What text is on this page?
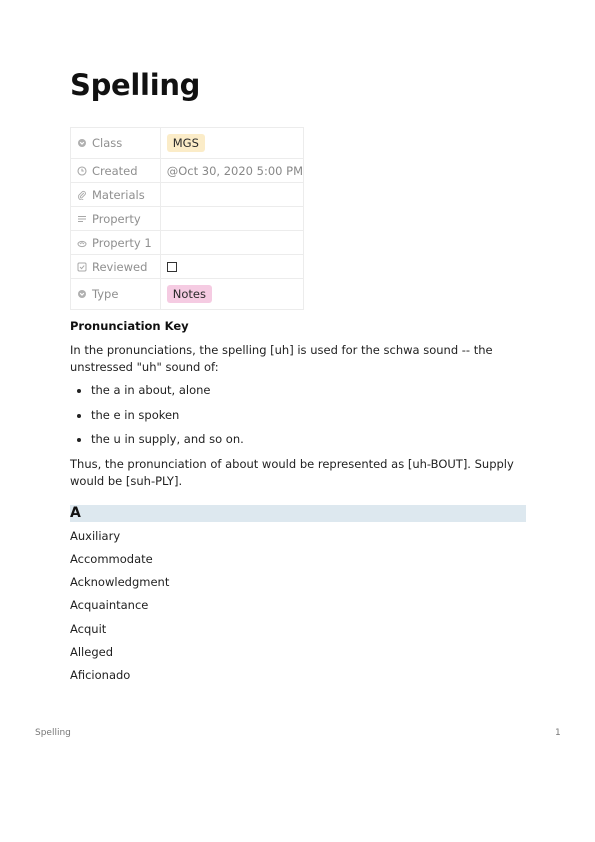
Spelling
Class	MGS

Created	@Oct 30, 2020 5:00 PM

Materials	

Property	

Property 1	

Reviewed	

Type	Notes
Pronunciation Key

In the pronunciations, the spelling [uh] is used for the schwa sound -- the unstressed "uh" sound of:

the a in about, alone
the e in spoken
the u in supply, and so on.

Thus, the pronunciation of about would be represented as [uh-BOUT]. Supply would be [suh-PLY].

A
Auxiliary
Accommodate
Acknowledgment
Acquaintance
Acquit
Alleged
Aficionado
Spelling	1
